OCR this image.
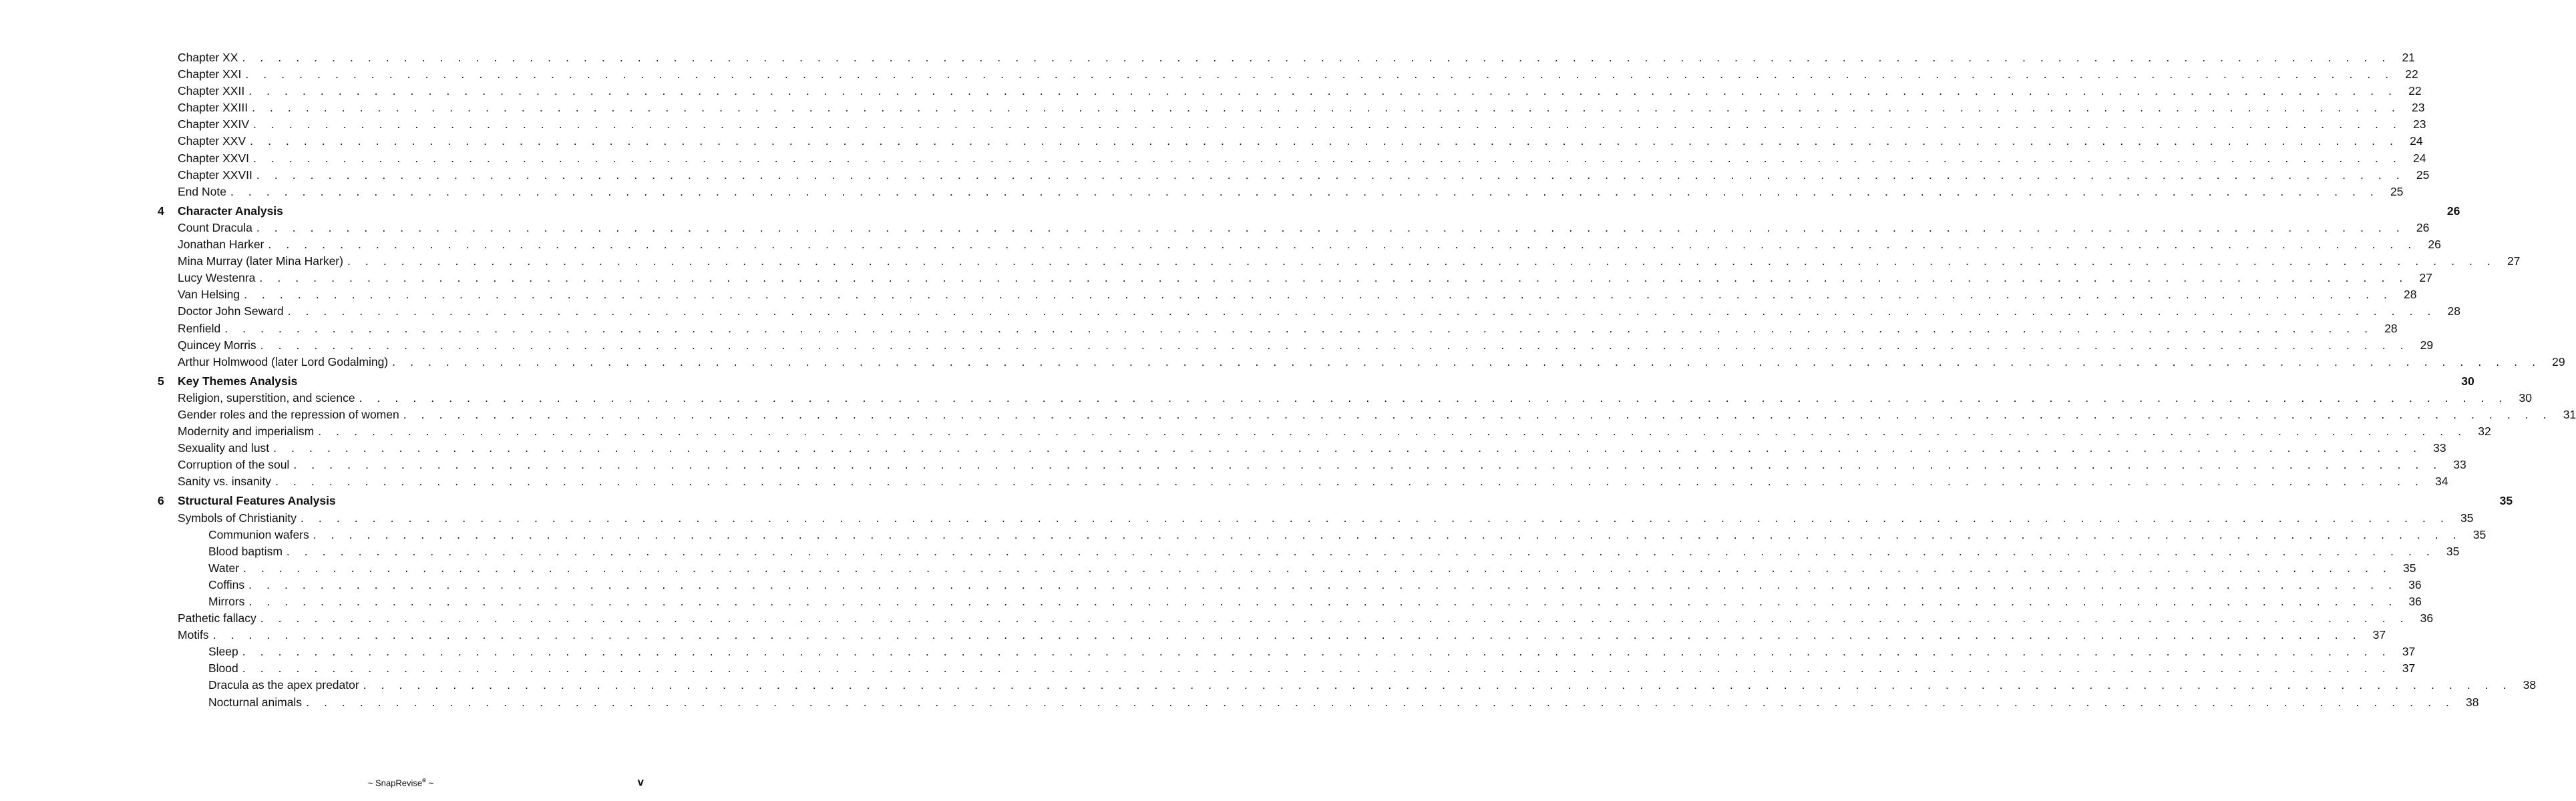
Chapter XX . . . . . . . . . . . . . . . . . . . . . . . . . . . . . . . . . . . . . . . . . . . . . . . . . . . . . . . . . . . . . . . . . . . . . . . . . . . . . . . . . . . . . . . . . . . . . . . . . . . . . . . . . . . . . . . . . . . . . . . . 21
Chapter XXI . . . . . . . . . . . . . . . . . . . . . . . . . . . . . . . . . . . . . . . . . . . . . . . . . . . . . . . . . . . . . . . . . . . . . . . . . . . . . . . . . . . . . . . . . . . . . . . . . . . . . . . . . . . . . . . . . . . . . . . . 22
Chapter XXII . . . . . . . . . . . . . . . . . . . . . . . . . . . . . . . . . . . . . . . . . . . . . . . . . . . . . . . . . . . . . . . . . . . . . . . . . . . . . . . . . . . . . . . . . . . . . . . . . . . . . . . . . . . . . . . . . . . . . . . . 22
Chapter XXIII . . . . . . . . . . . . . . . . . . . . . . . . . . . . . . . . . . . . . . . . . . . . . . . . . . . . . . . . . . . . . . . . . . . . . . . . . . . . . . . . . . . . . . . . . . . . . . . . . . . . . . . . . . . . . . . . . . . . . . . . 23
Chapter XXIV . . . . . . . . . . . . . . . . . . . . . . . . . . . . . . . . . . . . . . . . . . . . . . . . . . . . . . . . . . . . . . . . . . . . . . . . . . . . . . . . . . . . . . . . . . . . . . . . . . . . . . . . . . . . . . . . . . . . . . . . 23
Chapter XXV . . . . . . . . . . . . . . . . . . . . . . . . . . . . . . . . . . . . . . . . . . . . . . . . . . . . . . . . . . . . . . . . . . . . . . . . . . . . . . . . . . . . . . . . . . . . . . . . . . . . . . . . . . . . . . . . . . . . . . . . 24
Chapter XXVI . . . . . . . . . . . . . . . . . . . . . . . . . . . . . . . . . . . . . . . . . . . . . . . . . . . . . . . . . . . . . . . . . . . . . . . . . . . . . . . . . . . . . . . . . . . . . . . . . . . . . . . . . . . . . . . . . . . . . . . . 24
Chapter XXVII . . . . . . . . . . . . . . . . . . . . . . . . . . . . . . . . . . . . . . . . . . . . . . . . . . . . . . . . . . . . . . . . . . . . . . . . . . . . . . . . . . . . . . . . . . . . . . . . . . . . . . . . . . . . . . . . . . . . . . . . 25
End Note . . . . . . . . . . . . . . . . . . . . . . . . . . . . . . . . . . . . . . . . . . . . . . . . . . . . . . . . . . . . . . . . . . . . . . . . . . . . . . . . . . . . . . . . . . . . . . . . . . . . . . . . . . . . . . . . . . . . . . . . 25
4 Character Analysis	26
Count Dracula . . . . . . . . . . . . . . . . . . . . . . . . . . . . . . . . . . . . . . . . . . . . . . . . . . . . . . . . . . . . . . . . . . . . . . . . . . . . . . . . . . . . . . . . . . . . . . . . . . . . . . . . . . . . . . . . . . . . . . . . 26
Jonathan Harker . . . . . . . . . . . . . . . . . . . . . . . . . . . . . . . . . . . . . . . . . . . . . . . . . . . . . . . . . . . . . . . . . . . . . . . . . . . . . . . . . . . . . . . . . . . . . . . . . . . . . . . . . . . . . . . . . . . . . . . . 26
Mina Murray (later Mina Harker) . . . . . . . . . . . . . . . . . . . . . . . . . . . . . . . . . . . . . . . . . . . . . . . . . . . . . . . . . . . . . . . . . . . . . . . . . . . . . . . . . . . . . . . . . . . . . . . . . . . . . . . . . . . . . . . . . . . . . . . . 27
Lucy Westenra . . . . . . . . . . . . . . . . . . . . . . . . . . . . . . . . . . . . . . . . . . . . . . . . . . . . . . . . . . . . . . . . . . . . . . . . . . . . . . . . . . . . . . . . . . . . . . . . . . . . . . . . . . . . . . . . . . . . . . . . 27
Van Helsing . . . . . . . . . . . . . . . . . . . . . . . . . . . . . . . . . . . . . . . . . . . . . . . . . . . . . . . . . . . . . . . . . . . . . . . . . . . . . . . . . . . . . . . . . . . . . . . . . . . . . . . . . . . . . . . . . . . . . . . . 28
Doctor John Seward . . . . . . . . . . . . . . . . . . . . . . . . . . . . . . . . . . . . . . . . . . . . . . . . . . . . . . . . . . . . . . . . . . . . . . . . . . . . . . . . . . . . . . . . . . . . . . . . . . . . . . . . . . . . . . . . . . . . . . . . 28
Renfield . . . . . . . . . . . . . . . . . . . . . . . . . . . . . . . . . . . . . . . . . . . . . . . . . . . . . . . . . . . . . . . . . . . . . . . . . . . . . . . . . . . . . . . . . . . . . . . . . . . . . . . . . . . . . . . . . . . . . . . . 28
Quincey Morris . . . . . . . . . . . . . . . . . . . . . . . . . . . . . . . . . . . . . . . . . . . . . . . . . . . . . . . . . . . . . . . . . . . . . . . . . . . . . . . . . . . . . . . . . . . . . . . . . . . . . . . . . . . . . . . . . . . . . . . . 29
Arthur Holmwood (later Lord Godalming) . . . . . . . . . . . . . . . . . . . . . . . . . . . . . . . . . . . . . . . . . . . . . . . . . . . . . . . . . . . . . . . . . . . . . . . . . . . . . . . . . . . . . . . . . . . . . . . . . . . . . . . . . . . . . . . . . . . . . . . . 29
5 Key Themes Analysis	30
Religion, superstition, and science . . . . . . . . . . . . . . . . . . . . . . . . . . . . . . . . . . . . . . . . . . . . . . . . . . . . . . . . . . . . . . . . . . . . . . . . . . . . . . . . . . . . . . . . . . . . . . . . . . . . . . . . . . . . . . . . . . . . . . . . 30
Gender roles and the repression of women . . . . . . . . . . . . . . . . . . . . . . . . . . . . . . . . . . . . . . . . . . . . . . . . . . . . . . . . . . . . . . . . . . . . . . . . . . . . . . . . . . . . . . . . . . . . . . . . . . . . . . . . . . . . . . . . . . . . . . . . 31
Modernity and imperialism . . . . . . . . . . . . . . . . . . . . . . . . . . . . . . . . . . . . . . . . . . . . . . . . . . . . . . . . . . . . . . . . . . . . . . . . . . . . . . . . . . . . . . . . . . . . . . . . . . . . . . . . . . . . . . . . . . . . . . . . 32
Sexuality and lust . . . . . . . . . . . . . . . . . . . . . . . . . . . . . . . . . . . . . . . . . . . . . . . . . . . . . . . . . . . . . . . . . . . . . . . . . . . . . . . . . . . . . . . . . . . . . . . . . . . . . . . . . . . . . . . . . . . . . . . . 33
Corruption of the soul . . . . . . . . . . . . . . . . . . . . . . . . . . . . . . . . . . . . . . . . . . . . . . . . . . . . . . . . . . . . . . . . . . . . . . . . . . . . . . . . . . . . . . . . . . . . . . . . . . . . . . . . . . . . . . . . . . . . . . . . 33
Sanity vs. insanity . . . . . . . . . . . . . . . . . . . . . . . . . . . . . . . . . . . . . . . . . . . . . . . . . . . . . . . . . . . . . . . . . . . . . . . . . . . . . . . . . . . . . . . . . . . . . . . . . . . . . . . . . . . . . . . . . . . . . . . . 34
6 Structural Features Analysis	35
Symbols of Christianity . . . . . . . . . . . . . . . . . . . . . . . . . . . . . . . . . . . . . . . . . . . . . . . . . . . . . . . . . . . . . . . . . . . . . . . . . . . . . . . . . . . . . . . . . . . . . . . . . . . . . . . . . . . . . . . . . . . . . . . . 35
Communion wafers . . . . . . . . . . . . . . . . . . . . . . . . . . . . . . . . . . . . . . . . . . . . . . . . . . . . . . . . . . . . . . . . . . . . . . . . . . . . . . . . . . . . . . . . . . . . . . . . . . . . . . . . . . . . . . . . . . . . . . . . 35
Blood baptism . . . . . . . . . . . . . . . . . . . . . . . . . . . . . . . . . . . . . . . . . . . . . . . . . . . . . . . . . . . . . . . . . . . . . . . . . . . . . . . . . . . . . . . . . . . . . . . . . . . . . . . . . . . . . . . . . . . . . . . . 35
Water . . . . . . . . . . . . . . . . . . . . . . . . . . . . . . . . . . . . . . . . . . . . . . . . . . . . . . . . . . . . . . . . . . . . . . . . . . . . . . . . . . . . . . . . . . . . . . . . . . . . . . . . . . . . . . . . . . . . . . . . 35
Coffins . . . . . . . . . . . . . . . . . . . . . . . . . . . . . . . . . . . . . . . . . . . . . . . . . . . . . . . . . . . . . . . . . . . . . . . . . . . . . . . . . . . . . . . . . . . . . . . . . . . . . . . . . . . . . . . . . . . . . . . . 36
Mirrors . . . . . . . . . . . . . . . . . . . . . . . . . . . . . . . . . . . . . . . . . . . . . . . . . . . . . . . . . . . . . . . . . . . . . . . . . . . . . . . . . . . . . . . . . . . . . . . . . . . . . . . . . . . . . . . . . . . . . . . . 36
Pathetic fallacy . . . . . . . . . . . . . . . . . . . . . . . . . . . . . . . . . . . . . . . . . . . . . . . . . . . . . . . . . . . . . . . . . . . . . . . . . . . . . . . . . . . . . . . . . . . . . . . . . . . . . . . . . . . . . . . . . . . . . . . . 36
Motifs . . . . . . . . . . . . . . . . . . . . . . . . . . . . . . . . . . . . . . . . . . . . . . . . . . . . . . . . . . . . . . . . . . . . . . . . . . . . . . . . . . . . . . . . . . . . . . . . . . . . . . . . . . . . . . . . . . . . . . . . 37
Sleep . . . . . . . . . . . . . . . . . . . . . . . . . . . . . . . . . . . . . . . . . . . . . . . . . . . . . . . . . . . . . . . . . . . . . . . . . . . . . . . . . . . . . . . . . . . . . . . . . . . . . . . . . . . . . . . . . . . . . . . . 37
Blood . . . . . . . . . . . . . . . . . . . . . . . . . . . . . . . . . . . . . . . . . . . . . . . . . . . . . . . . . . . . . . . . . . . . . . . . . . . . . . . . . . . . . . . . . . . . . . . . . . . . . . . . . . . . . . . . . . . . . . . . 37
Dracula as the apex predator . . . . . . . . . . . . . . . . . . . . . . . . . . . . . . . . . . . . . . . . . . . . . . . . . . . . . . . . . . . . . . . . . . . . . . . . . . . . . . . . . . . . . . . . . . . . . . . . . . . . . . . . . . . . . . . . . . . . . . . . 38
Nocturnal animals . . . . . . . . . . . . . . . . . . . . . . . . . . . . . . . . . . . . . . . . . . . . . . . . . . . . . . . . . . . . . . . . . . . . . . . . . . . . . . . . . . . . . . . . . . . . . . . . . . . . . . . . . . . . . . . . . . . . . . . . 38
~ SnapRevise® ~	v
